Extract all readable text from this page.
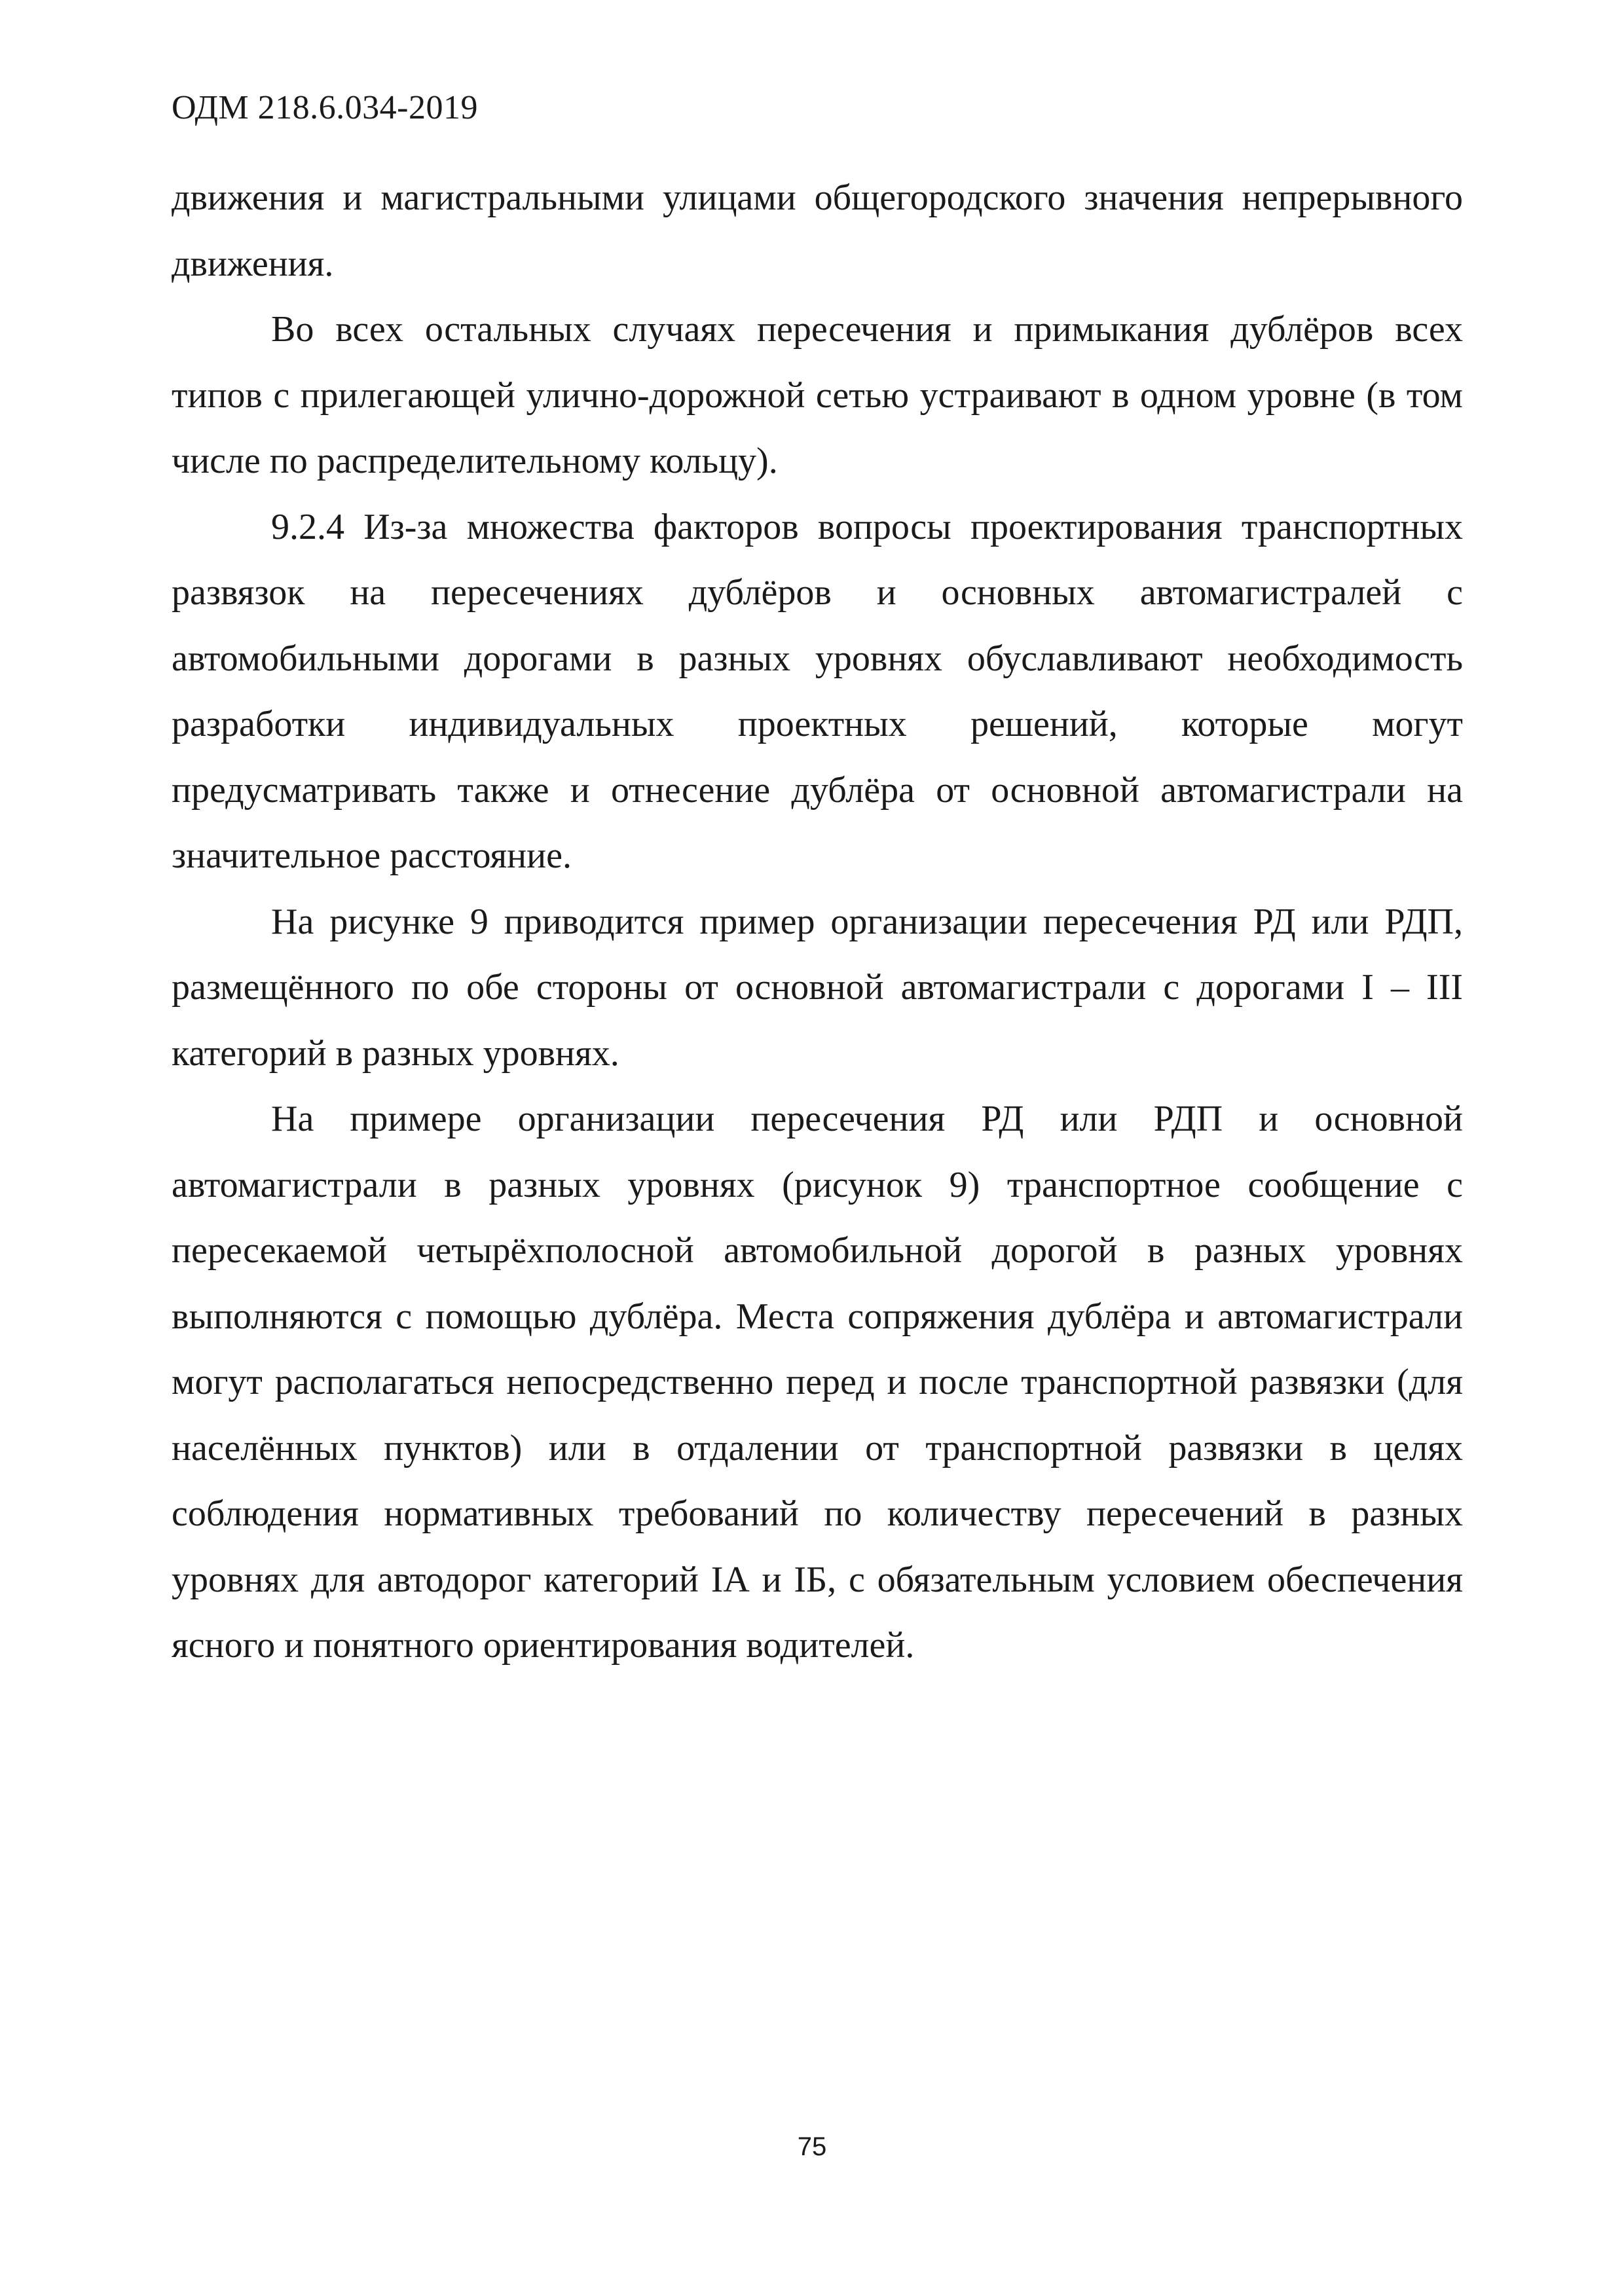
ОДМ 218.6.034-2019

движения и магистральными улицами общегородского значения непрерывного движения.

Во всех остальных случаях пересечения и примыкания дублёров всех типов с прилегающей улично-дорожной сетью устраивают в одном уровне (в том числе по распределительному кольцу).

9.2.4 Из-за множества факторов вопросы проектирования транспортных развязок на пересечениях дублёров и основных автомагистралей с автомобильными дорогами в разных уровнях обуславливают необходимость разработки индивидуальных проектных решений, которые могут предусматривать также и отнесение дублёра от основной автомагистрали на значительное расстояние.

На рисунке 9 приводится пример организации пересечения РД или РДП, размещённого по обе стороны от основной автомагистрали с дорогами I – III категорий в разных уровнях.

На примере организации пересечения РД или РДП и основной автомагистрали в разных уровнях (рисунок 9) транспортное сообщение с пересекаемой четырёхполосной автомобильной дорогой в разных уровнях выполняются с помощью дублёра. Места сопряжения дублёра и автомагистрали могут располагаться непосредственно перед и после транспортной развязки (для населённых пунктов) или в отдалении от транспортной развязки в целях соблюдения нормативных требований по количеству пересечений в разных уровнях для автодорог категорий IА и IБ, с обязательным условием обеспечения ясного и понятного ориентирования водителей.

75
